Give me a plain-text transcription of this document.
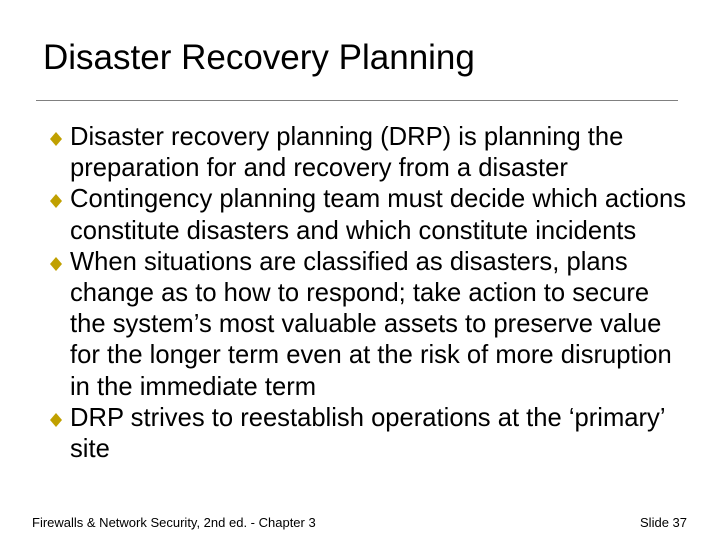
Disaster Recovery Planning
Disaster recovery planning (DRP) is planning the preparation for and recovery from a disaster
Contingency planning team must decide which actions constitute disasters and which constitute incidents
When situations are classified as disasters, plans change as to how to respond; take action to secure the system’s most valuable assets to preserve value for the longer term even at the risk of more disruption in the immediate term
DRP strives to reestablish operations at the ‘primary’ site
Firewalls & Network Security, 2nd ed. - Chapter 3	Slide 37
